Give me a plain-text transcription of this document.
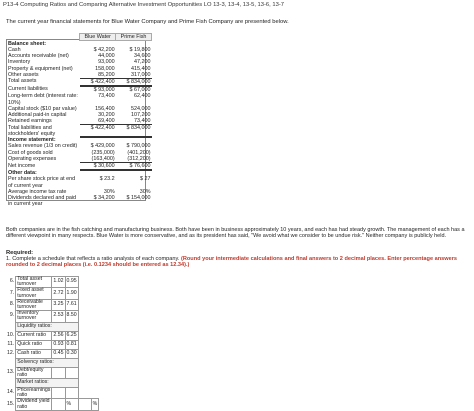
P13-4 Computing Ratios and Comparing Alternative Investment Opportunities LO 13-3, 13-4, 13-5, 13-6, 13-7
The current year financial statements for Blue Water Company and Prime Fish Company are presented below.
	Blue Water	Prime Fish
Balance sheet:		
Cash	$ 42,200	$ 19,800
Accounts receivable (net)	44,000	34,600
Inventory	93,000	47,200
Property & equipment (net)	158,000	415,400
Other assets	85,200	317,000
Total assets	$ 422,400	$ 834,000
Current liabilities	$ 93,000	$ 67,000
Long-term debt (interest rate: 10%)	73,400	62,400
Capital stock ($10 par value)	156,400	524,000
Additional paid-in capital	30,200	107,200
Retained earnings	69,400	73,400
Total liabilities and stockholders' equity	$ 422,400	$ 834,000
Income statement:		
Sales revenue (1/3 on credit)	$ 429,000	$ 790,000
Cost of goods sold	(235,000)	(401,200)
Operating expenses	(163,400)	(312,200)
Net income	$ 30,600	$ 76,600
Other data:		
Per share stock price at end of current year	$ 23.2	$ 27
Average income tax rate	30%	30%
Dividends declared and paid in current year	$ 34,200	$ 154,000
Both companies are in the fish catching and manufacturing business. Both have been in business approximately 10 years, and each has had steady growth. The management of each has a different viewpoint in many respects. Blue Water is more conservative, and as its president has said, "We avoid what we consider to be undue risk." Neither company is publicly held.
Required:
1. Complete a schedule that reflects a ratio analysis of each company. (Round your intermediate calculations and final answers to 2 decimal places. Enter percentage answers rounded to 2 decimal places (i.e. 0.1234 should be entered as 12.34).)
6.	Total asset turnover	1.02	0.95		
7.	Fixed asset turnover	2.72	1.90		
8.	Receivable turnover	3.25	7.61		
9.	Inventory turnover	2.53	8.50		
	Liquidity ratios:				
10.	Current ratio	2.56	6.25		
11.	Quick ratio	0.93	0.81		
12.	Cash ratio	0.45	0.30		
	Solvency ratios:				
13.	Debt/equity ratio				
	Market ratios:				
14.	Price/earnings ratio				
15.	Dividend yield ratio		%		%
